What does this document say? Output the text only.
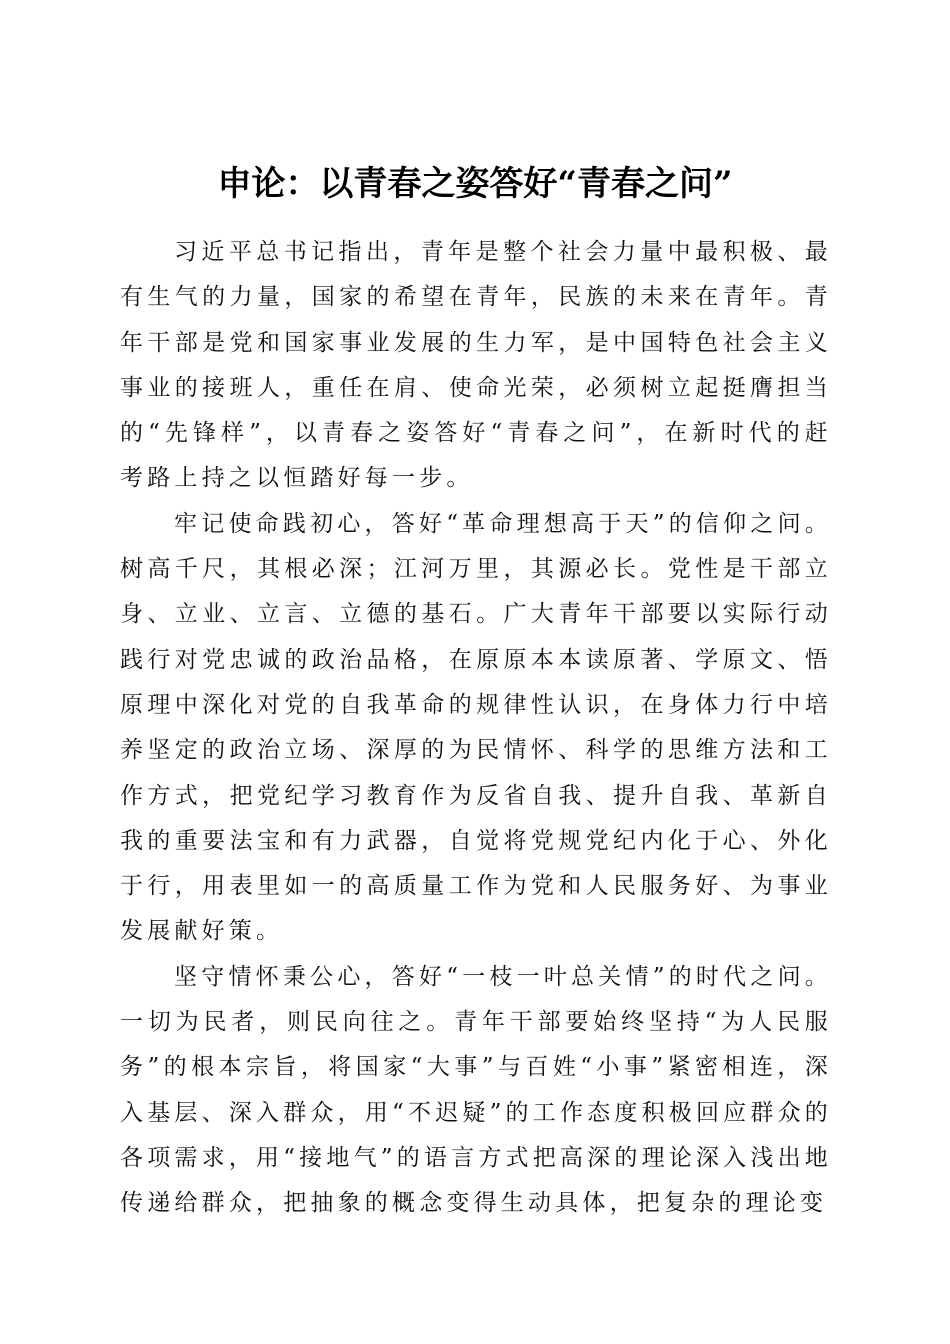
申论：以青春之姿答好“青春之问”

习近平总书记指出，青年是整个社会力量中最积极、最有生气的力量，国家的希望在青年，民族的未来在青年。青年干部是党和国家事业发展的生力军，是中国特色社会主义事业的接班人，重任在肩、使命光荣，必须树立起挺膺担当的“先锋样”，以青春之姿答好“青春之问”，在新时代的赶考路上持之以恒踏好每一步。

牢记使命践初心，答好“革命理想高于天”的信仰之问。树高千尺，其根必深；江河万里，其源必长。党性是干部立身、立业、立言、立德的基石。广大青年干部要以实际行动践行对党忠诚的政治品格，在原原本本读原著、学原文、悟原理中深化对党的自我革命的规律性认识，在身体力行中培养坚定的政治立场、深厚的为民情怀、科学的思维方法和工作方式，把党纪学习教育作为反省自我、提升自我、革新自我的重要法宝和有力武器，自觉将党规党纪内化于心、外化于行，用表里如一的高质量工作为党和人民服务好、为事业发展献好策。

坚守情怀秉公心，答好“一枝一叶总关情”的时代之问。一切为民者，则民向往之。青年干部要始终坚持“为人民服务”的根本宗旨，将国家“大事”与百姓“小事”紧密相连，深入基层、深入群众，用“不迟疑”的工作态度积极回应群众的各项需求，用“接地气”的语言方式把高深的理论深入浅出地传递给群众，把抽象的概念变得生动具体，把复杂的理论变
